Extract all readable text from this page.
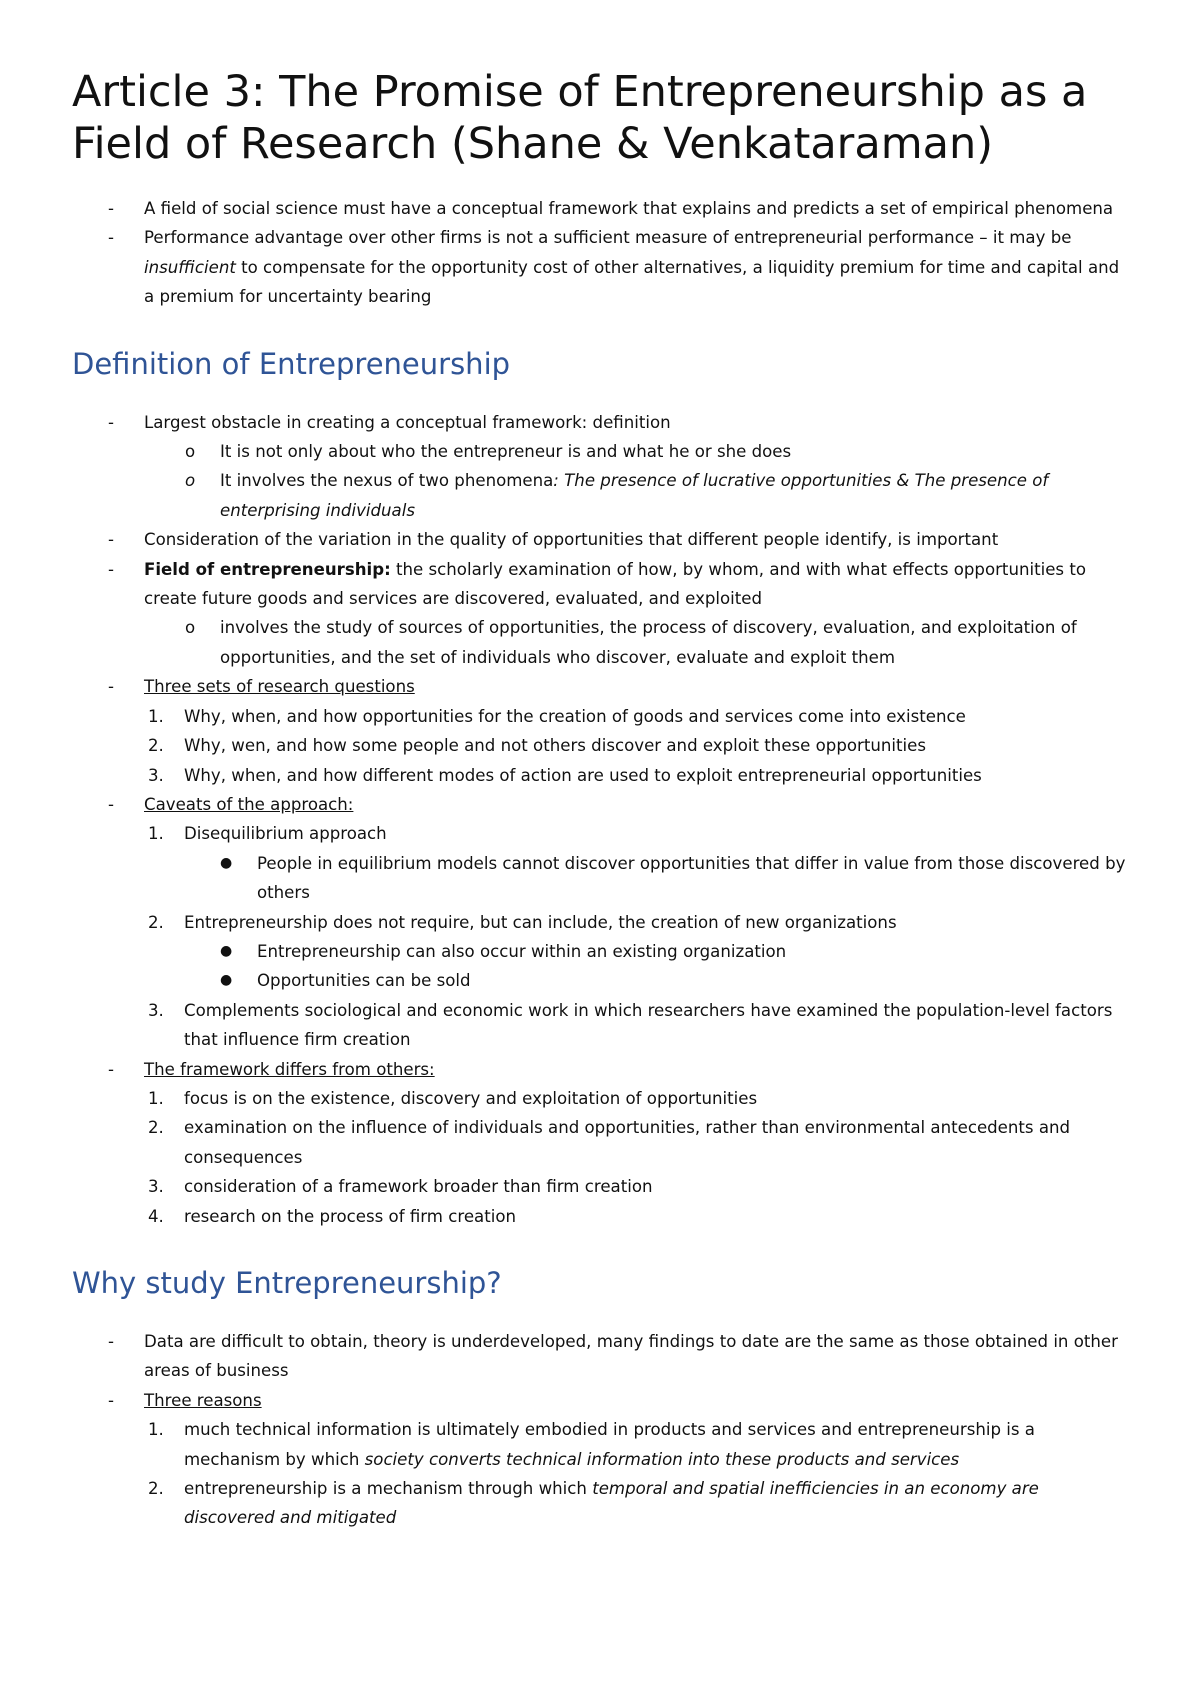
Article 3: The Promise of Entrepreneurship as a Field of Research (Shane & Venkataraman)
- A field of social science must have a conceptual framework that explains and predicts a set of empirical phenomena
- Performance advantage over other firms is not a sufficient measure of entrepreneurial performance – it may be insufficient to compensate for the opportunity cost of other alternatives, a liquidity premium for time and capital and a premium for uncertainty bearing
Definition of Entrepreneurship
- Largest obstacle in creating a conceptual framework: definition
o It is not only about who the entrepreneur is and what he or she does
o It involves the nexus of two phenomena: The presence of lucrative opportunities & The presence of enterprising individuals
- Consideration of the variation in the quality of opportunities that different people identify, is important
- Field of entrepreneurship: the scholarly examination of how, by whom, and with what effects opportunities to create future goods and services are discovered, evaluated, and exploited
o involves the study of sources of opportunities, the process of discovery, evaluation, and exploitation of opportunities, and the set of individuals who discover, evaluate and exploit them
- Three sets of research questions
1. Why, when, and how opportunities for the creation of goods and services come into existence
2. Why, wen, and how some people and not others discover and exploit these opportunities
3. Why, when, and how different modes of action are used to exploit entrepreneurial opportunities
- Caveats of the approach:
1. Disequilibrium approach
● People in equilibrium models cannot discover opportunities that differ in value from those discovered by others
2. Entrepreneurship does not require, but can include, the creation of new organizations
● Entrepreneurship can also occur within an existing organization
● Opportunities can be sold
3. Complements sociological and economic work in which researchers have examined the population-level factors that influence firm creation
- The framework differs from others:
1. focus is on the existence, discovery and exploitation of opportunities
2. examination on the influence of individuals and opportunities, rather than environmental antecedents and consequences
3. consideration of a framework broader than firm creation
4. research on the process of firm creation
Why study Entrepreneurship?
- Data are difficult to obtain, theory is underdeveloped, many findings to date are the same as those obtained in other areas of business
- Three reasons
1. much technical information is ultimately embodied in products and services and entrepreneurship is a mechanism by which society converts technical information into these products and services
2. entrepreneurship is a mechanism through which temporal and spatial inefficiencies in an economy are discovered and mitigated
